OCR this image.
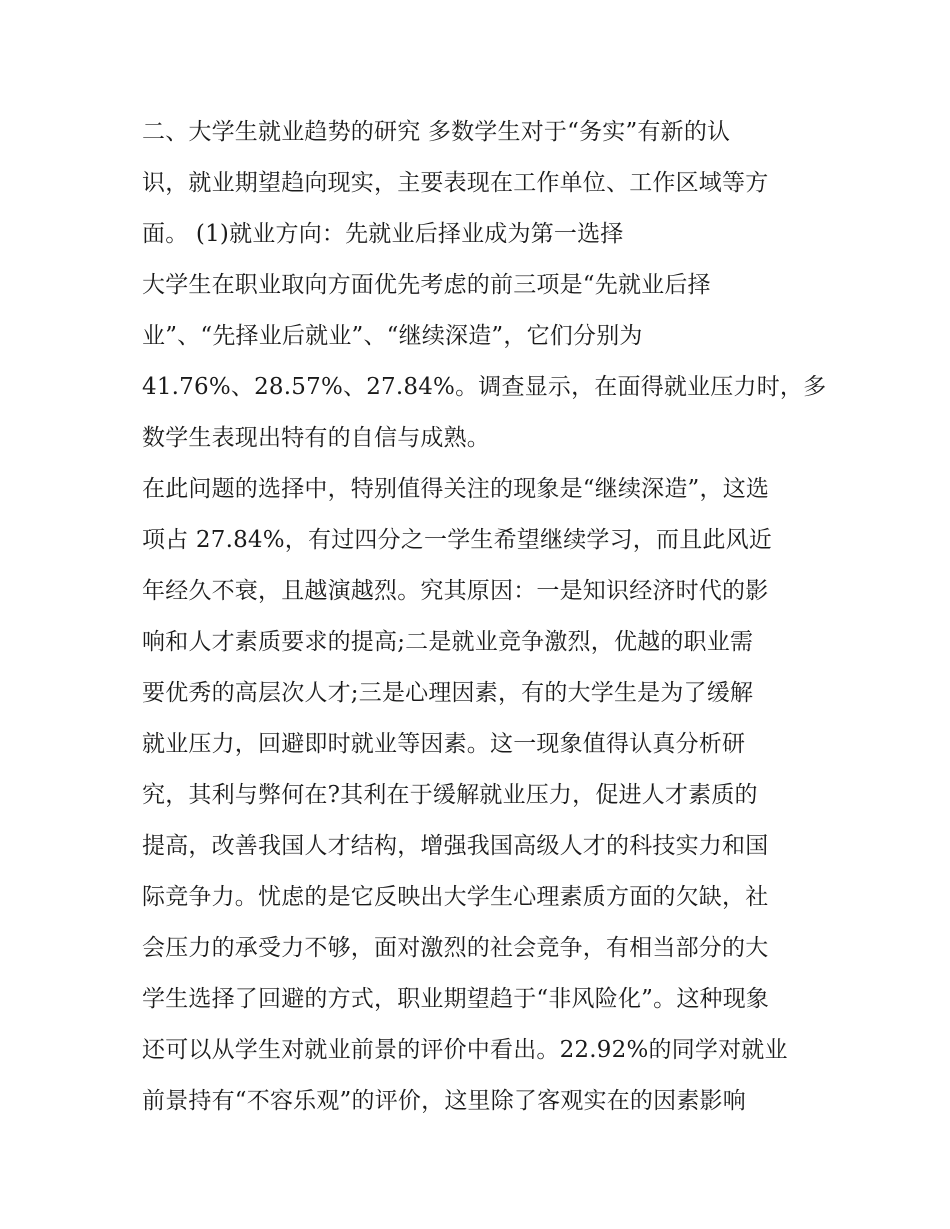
二、大学生就业趋势的研究 多数学生对于“务实”有新的认
识，就业期望趋向现实，主要表现在工作单位、工作区域等方
面。 (1)就业方向：先就业后择业成为第一选择
大学生在职业取向方面优先考虑的前三项是“先就业后择
业”、“先择业后就业”、“继续深造”，它们分别为
41.76%、28.57%、27.84%。调查显示，在面得就业压力时，多
数学生表现出特有的自信与成熟。
在此问题的选择中，特别值得关注的现象是“继续深造”，这选
项占 27.84%，有过四分之一学生希望继续学习，而且此风近
年经久不衰，且越演越烈。究其原因：一是知识经济时代的影
响和人才素质要求的提高;二是就业竞争激烈，优越的职业需
要优秀的高层次人才;三是心理因素，有的大学生是为了缓解
就业压力，回避即时就业等因素。这一现象值得认真分析研
究，其利与弊何在?其利在于缓解就业压力，促进人才素质的
提高，改善我国人才结构，增强我国高级人才的科技实力和国
际竞争力。忧虑的是它反映出大学生心理素质方面的欠缺，社
会压力的承受力不够，面对激烈的社会竞争，有相当部分的大
学生选择了回避的方式，职业期望趋于“非风险化”。这种现象
还可以从学生对就业前景的评价中看出。22.92%的同学对就业
前景持有“不容乐观”的评价，这里除了客观实在的因素影响
